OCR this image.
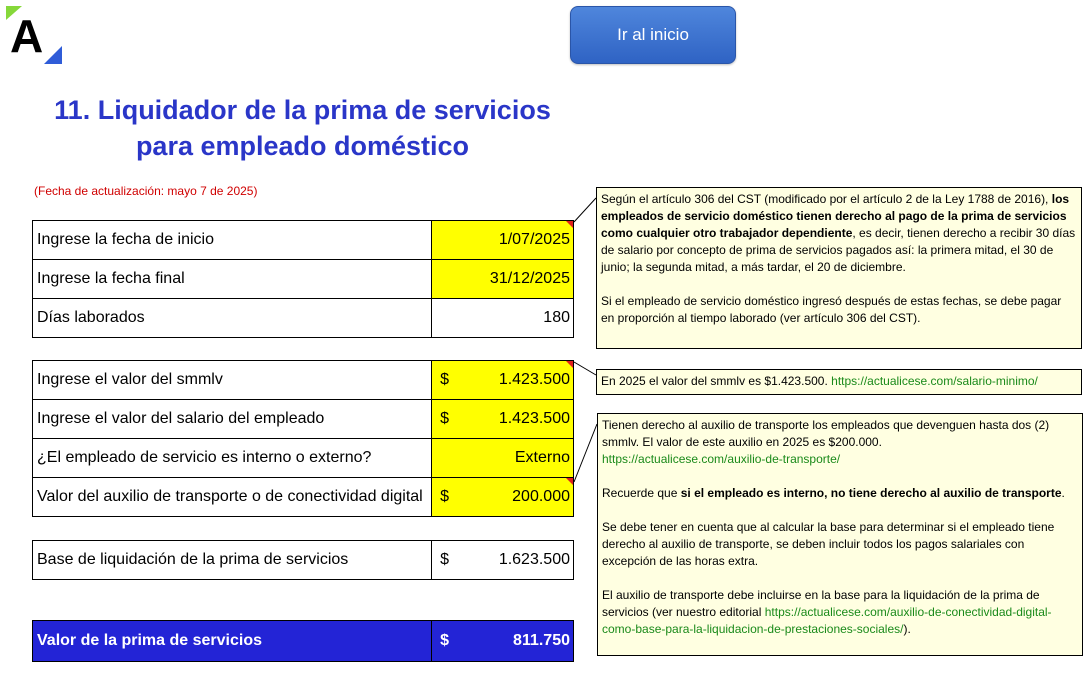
A	Ir al inicio
11. Liquidador de la prima de servicios
para empleado doméstico
(Fecha de actualización: mayo 7 de 2025)
Ingrese la fecha de inicio	1/07/2025

Ingrese la fecha final	31/12/2025

Días laborados	180
Ingrese el valor del smmlv	$ 1.423.500

Ingrese el valor del salario del empleado	$ 1.423.500

¿El empleado de servicio es interno o externo?	Externo

Valor del auxilio de transporte o de conectividad digital	$ 200.000
Base de liquidación de la prima de servicios	$	1.623.500
Valor de la prima de servicios	$	811.750

Según el artículo 306 del CST (modificado por el artículo 2 de la Ley 1788 de 2016), los empleados de servicio doméstico tienen derecho al pago de la prima de servicios como cualquier otro trabajador dependiente, es decir, tienen derecho a recibir 30 días de salario por concepto de prima de servicios pagados así: la primera mitad, el 30 de junio; la segunda mitad, a más tardar, el 20 de diciembre.

Si el empleado de servicio doméstico ingresó después de estas fechas, se debe pagar en proporción al tiempo laborado (ver artículo 306 del CST).

En 2025 el valor del smmlv es $1.423.500. https://actualicese.com/salario-minimo/

Tienen derecho al auxilio de transporte los empleados que devenguen hasta dos (2) smmlv. El valor de este auxilio en 2025 es $200.000.

https://actualicese.com/auxilio-de-transporte/

Recuerde que si el empleado es interno, no tiene derecho al auxilio de transporte.

Se debe tener en cuenta que al calcular la base para determinar si el empleado tiene derecho al auxilio de transporte, se deben incluir todos los pagos salariales con excepción de las horas extra.

El auxilio de transporte debe incluirse en la base para la liquidación de la prima de servicios (ver nuestro editorial https://actualicese.com/auxilio-de-conectividad-digital-como-base-para-la-liquidacion-de-prestaciones-sociales/).
